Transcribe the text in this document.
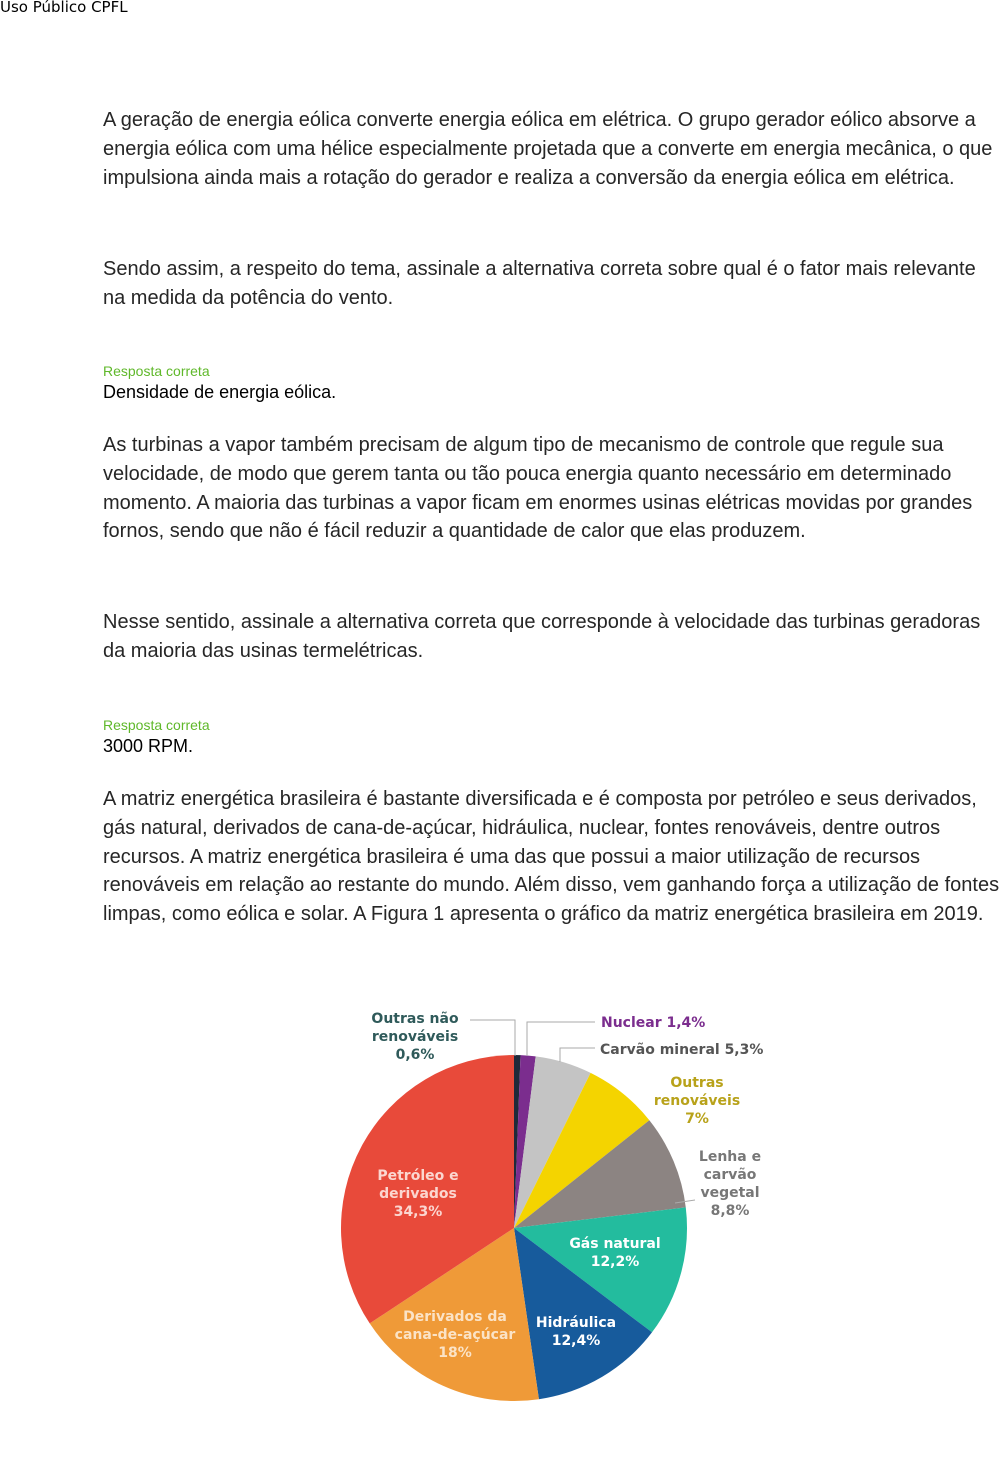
Uso Público CPFL
A geração de energia eólica converte energia eólica em elétrica. O grupo gerador eólico absorve a energia eólica com uma hélice especialmente projetada que a converte em energia mecânica, o que impulsiona ainda mais a rotação do gerador e realiza a conversão da energia eólica em elétrica.
Sendo assim, a respeito do tema, assinale a alternativa correta sobre qual é o fator mais relevante na medida da potência do vento.
Resposta correta
Densidade de energia eólica.
As turbinas a vapor também precisam de algum tipo de mecanismo de controle que regule sua velocidade, de modo que gerem tanta ou tão pouca energia quanto necessário em determinado momento. A maioria das turbinas a vapor ficam em enormes usinas elétricas movidas por grandes fornos, sendo que não é fácil reduzir a quantidade de calor que elas produzem.
Nesse sentido, assinale a alternativa correta que corresponde à velocidade das turbinas geradoras da maioria das usinas termelétricas.
Resposta correta
3000 RPM.
A matriz energética brasileira é bastante diversificada e é composta por petróleo e seus derivados, gás natural, derivados de cana-de-açúcar, hidráulica, nuclear, fontes renováveis, dentre outros recursos. A matriz energética brasileira é uma das que possui a maior utilização de recursos renováveis em relação ao restante do mundo. Além disso, vem ganhando força a utilização de fontes limpas, como eólica e solar. A Figura 1 apresenta o gráfico da matriz energética brasileira em 2019.
Outras não renováveis 0,6%
Nuclear 1,4%
Carvão mineral 5,3%
Outras renováveis 7%
Lenha e carvão vegetal 8,8%
Gás natural 12,2%
Hidráulica 12,4%
Derivados da cana-de-açúcar 18%
Petróleo e derivados 34,3%
